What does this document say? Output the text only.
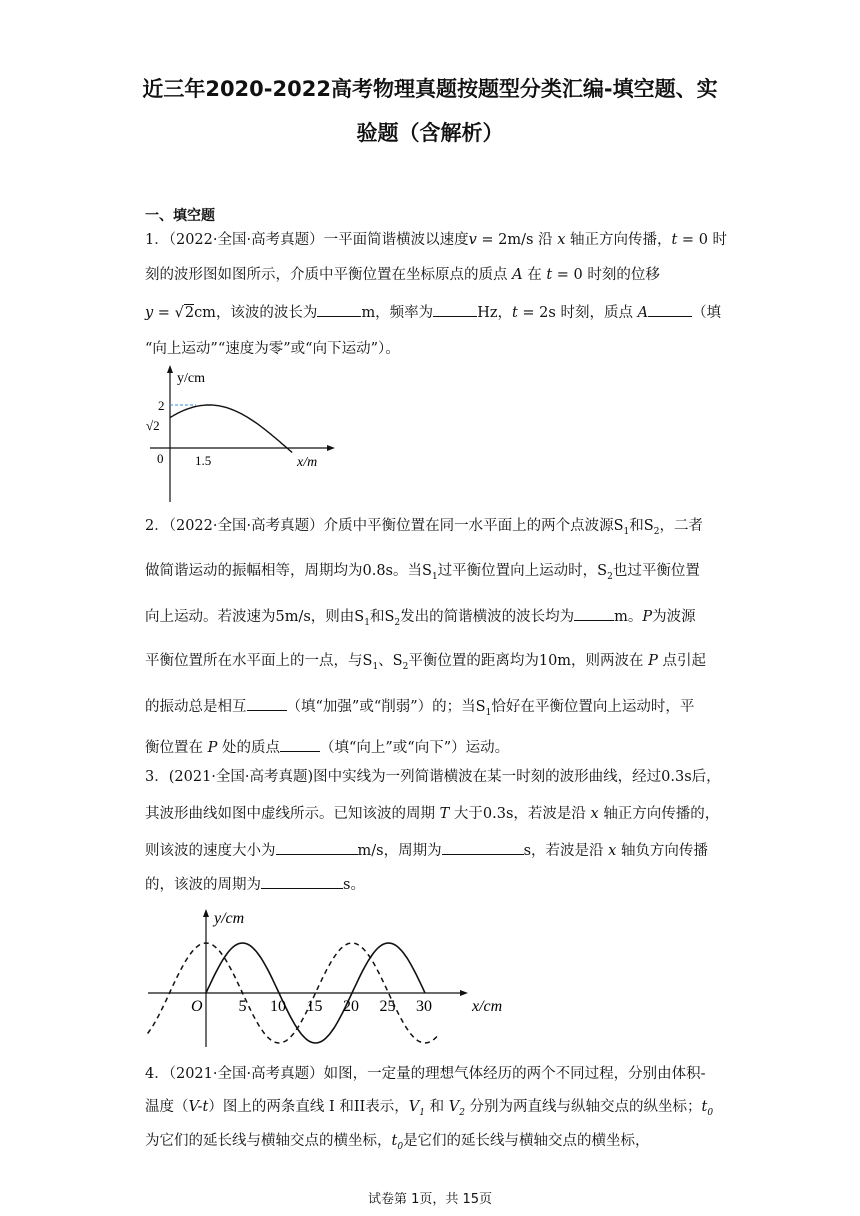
近三年2020-2022高考物理真题按题型分类汇编-填空题、实
验题（含解析）
一、填空题
1．（2022·全国·高考真题）一平面简谐横波以速度v = 2m/s 沿 x 轴正方向传播，t = 0 时
刻的波形图如图所示，介质中平衡位置在坐标原点的质点 A 在 t = 0 时刻的位移
y = √2cm，该波的波长为	m，频率为	Hz，t = 2s 时刻，质点 A	（填
“向上运动”“速度为零”或“向下运动”）。
y/cm
2
√2
0 1.5	x/m
2．（2022·全国·高考真题）介质中平衡位置在同一水平面上的两个点波源$S_1$和$S_2$，二者
做简谐运动的振幅相等，周期均为0.8s。当$S_1$过平衡位置向上运动时，$S_2$也过平衡位置
向上运动。若波速为5m/s，则由$S_1$和$S_2$发出的简谐横波的波长均为	m。P为波源
平衡位置所在水平面上的一点，与$S_1$、$S_2$平衡位置的距离均为10m，则两波在 P 点引起
的振动总是相互	（填“加强”或“削弱”）的；当$S_1$恰好在平衡位置向上运动时，平
衡位置在 P 处的质点	（填“向上”或“向下”）运动。
3．(2021·全国·高考真题)图中实线为一列简谐横波在某一时刻的波形曲线，经过0.3s后，
其波形曲线如图中虚线所示。已知该波的周期 T 大于0.3s，若波是沿 x 轴正方向传播的，
则该波的速度大小为	m/s，周期为	s，若波是沿 x 轴负方向传播
的，该波的周期为	s。
y/cm
O 5 10 15 20 25 30	x/cm
4．（2021·全国·高考真题）如图，一定量的理想气体经历的两个不同过程，分别由体积-
温度（V-t）图上的两条直线 I 和II表示，$V_1$ 和 $V_2$ 分别为两直线与纵轴交点的纵坐标；$t_0$
为它们的延长线与横轴交点的横坐标，$t_0$是它们的延长线与横轴交点的横坐标，
试卷第 1页，共 15页
